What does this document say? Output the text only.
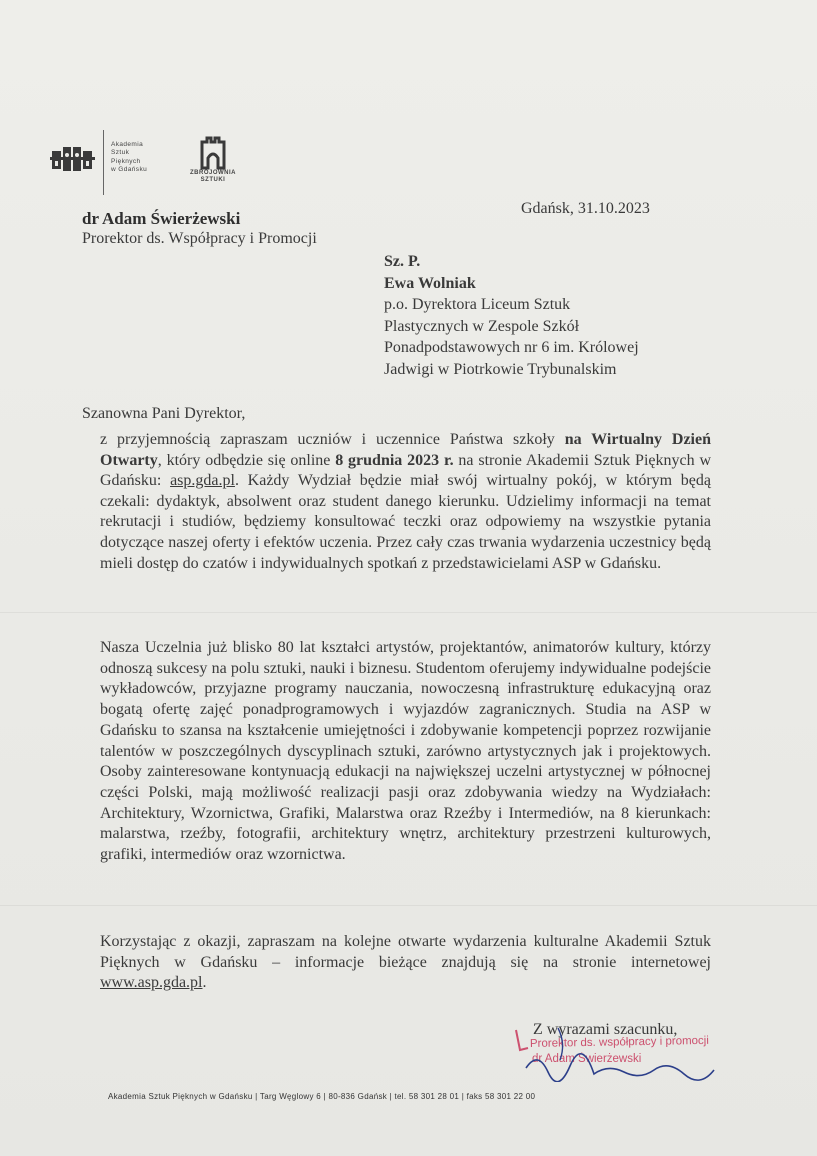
Akademia
Sztuk
Pięknych
w Gdańsku	ZBROJOWNIA
SZTUKI
dr Adam Świerżewski
Prorektor ds. Współpracy i Promocji
Gdańsk, 31.10.2023
Sz. P.
Ewa Wolniak
p.o. Dyrektora Liceum Sztuk
Plastycznych w Zespole Szkół
Ponadpodstawowych nr 6 im. Królowej
Jadwigi w Piotrkowie Trybunalskim
Szanowna Pani Dyrektor,

z przyjemnością zapraszam uczniów i uczennice Państwa szkoły na Wirtualny Dzień Otwarty, który odbędzie się online 8 grudnia 2023 r. na stronie Akademii Sztuk Pięknych w Gdańsku: asp.gda.pl. Każdy Wydział będzie miał swój wirtualny pokój, w którym będą czekali: dydaktyk, absolwent oraz student danego kierunku. Udzielimy informacji na temat rekrutacji i studiów, będziemy konsultować teczki oraz odpowiemy na wszystkie pytania dotyczące naszej oferty i efektów uczenia. Przez cały czas trwania wydarzenia uczestnicy będą mieli dostęp do czatów i indywidualnych spotkań z przedstawicielami ASP w Gdańsku.

Nasza Uczelnia już blisko 80 lat kształci artystów, projektantów, animatorów kultury, którzy odnoszą sukcesy na polu sztuki, nauki i biznesu. Studentom oferujemy indywidualne podejście wykładowców, przyjazne programy nauczania, nowoczesną infrastrukturę edukacyjną oraz bogatą ofertę zajęć ponadprogramowych i wyjazdów zagranicznych. Studia na ASP w Gdańsku to szansa na kształcenie umiejętności i zdobywanie kompetencji poprzez rozwijanie talentów w poszczególnych dyscyplinach sztuki, zarówno artystycznych jak i projektowych. Osoby zainteresowane kontynuacją edukacji na największej uczelni artystycznej w północnej części Polski, mają możliwość realizacji pasji oraz zdobywania wiedzy na Wydziałach: Architektury, Wzornictwa, Grafiki, Malarstwa oraz Rzeźby i Intermediów, na 8 kierunkach: malarstwa, rzeźby, fotografii, architektury wnętrz, architektury przestrzeni kulturowych, grafiki, intermediów oraz wzornictwa.

Korzystając z okazji, zapraszam na kolejne otwarte wydarzenia kulturalne Akademii Sztuk Pięknych w Gdańsku – informacje bieżące znajdują się na stronie internetowej www.asp.gda.pl.

Z wyrazami szacunku,
Prorektor ds. współpracy i promocji
dr Adam Świerżewski
Akademia Sztuk Pięknych w Gdańsku | Targ Węglowy 6 | 80-836 Gdańsk | tel. 58 301 28 01 | faks 58 301 22 00
